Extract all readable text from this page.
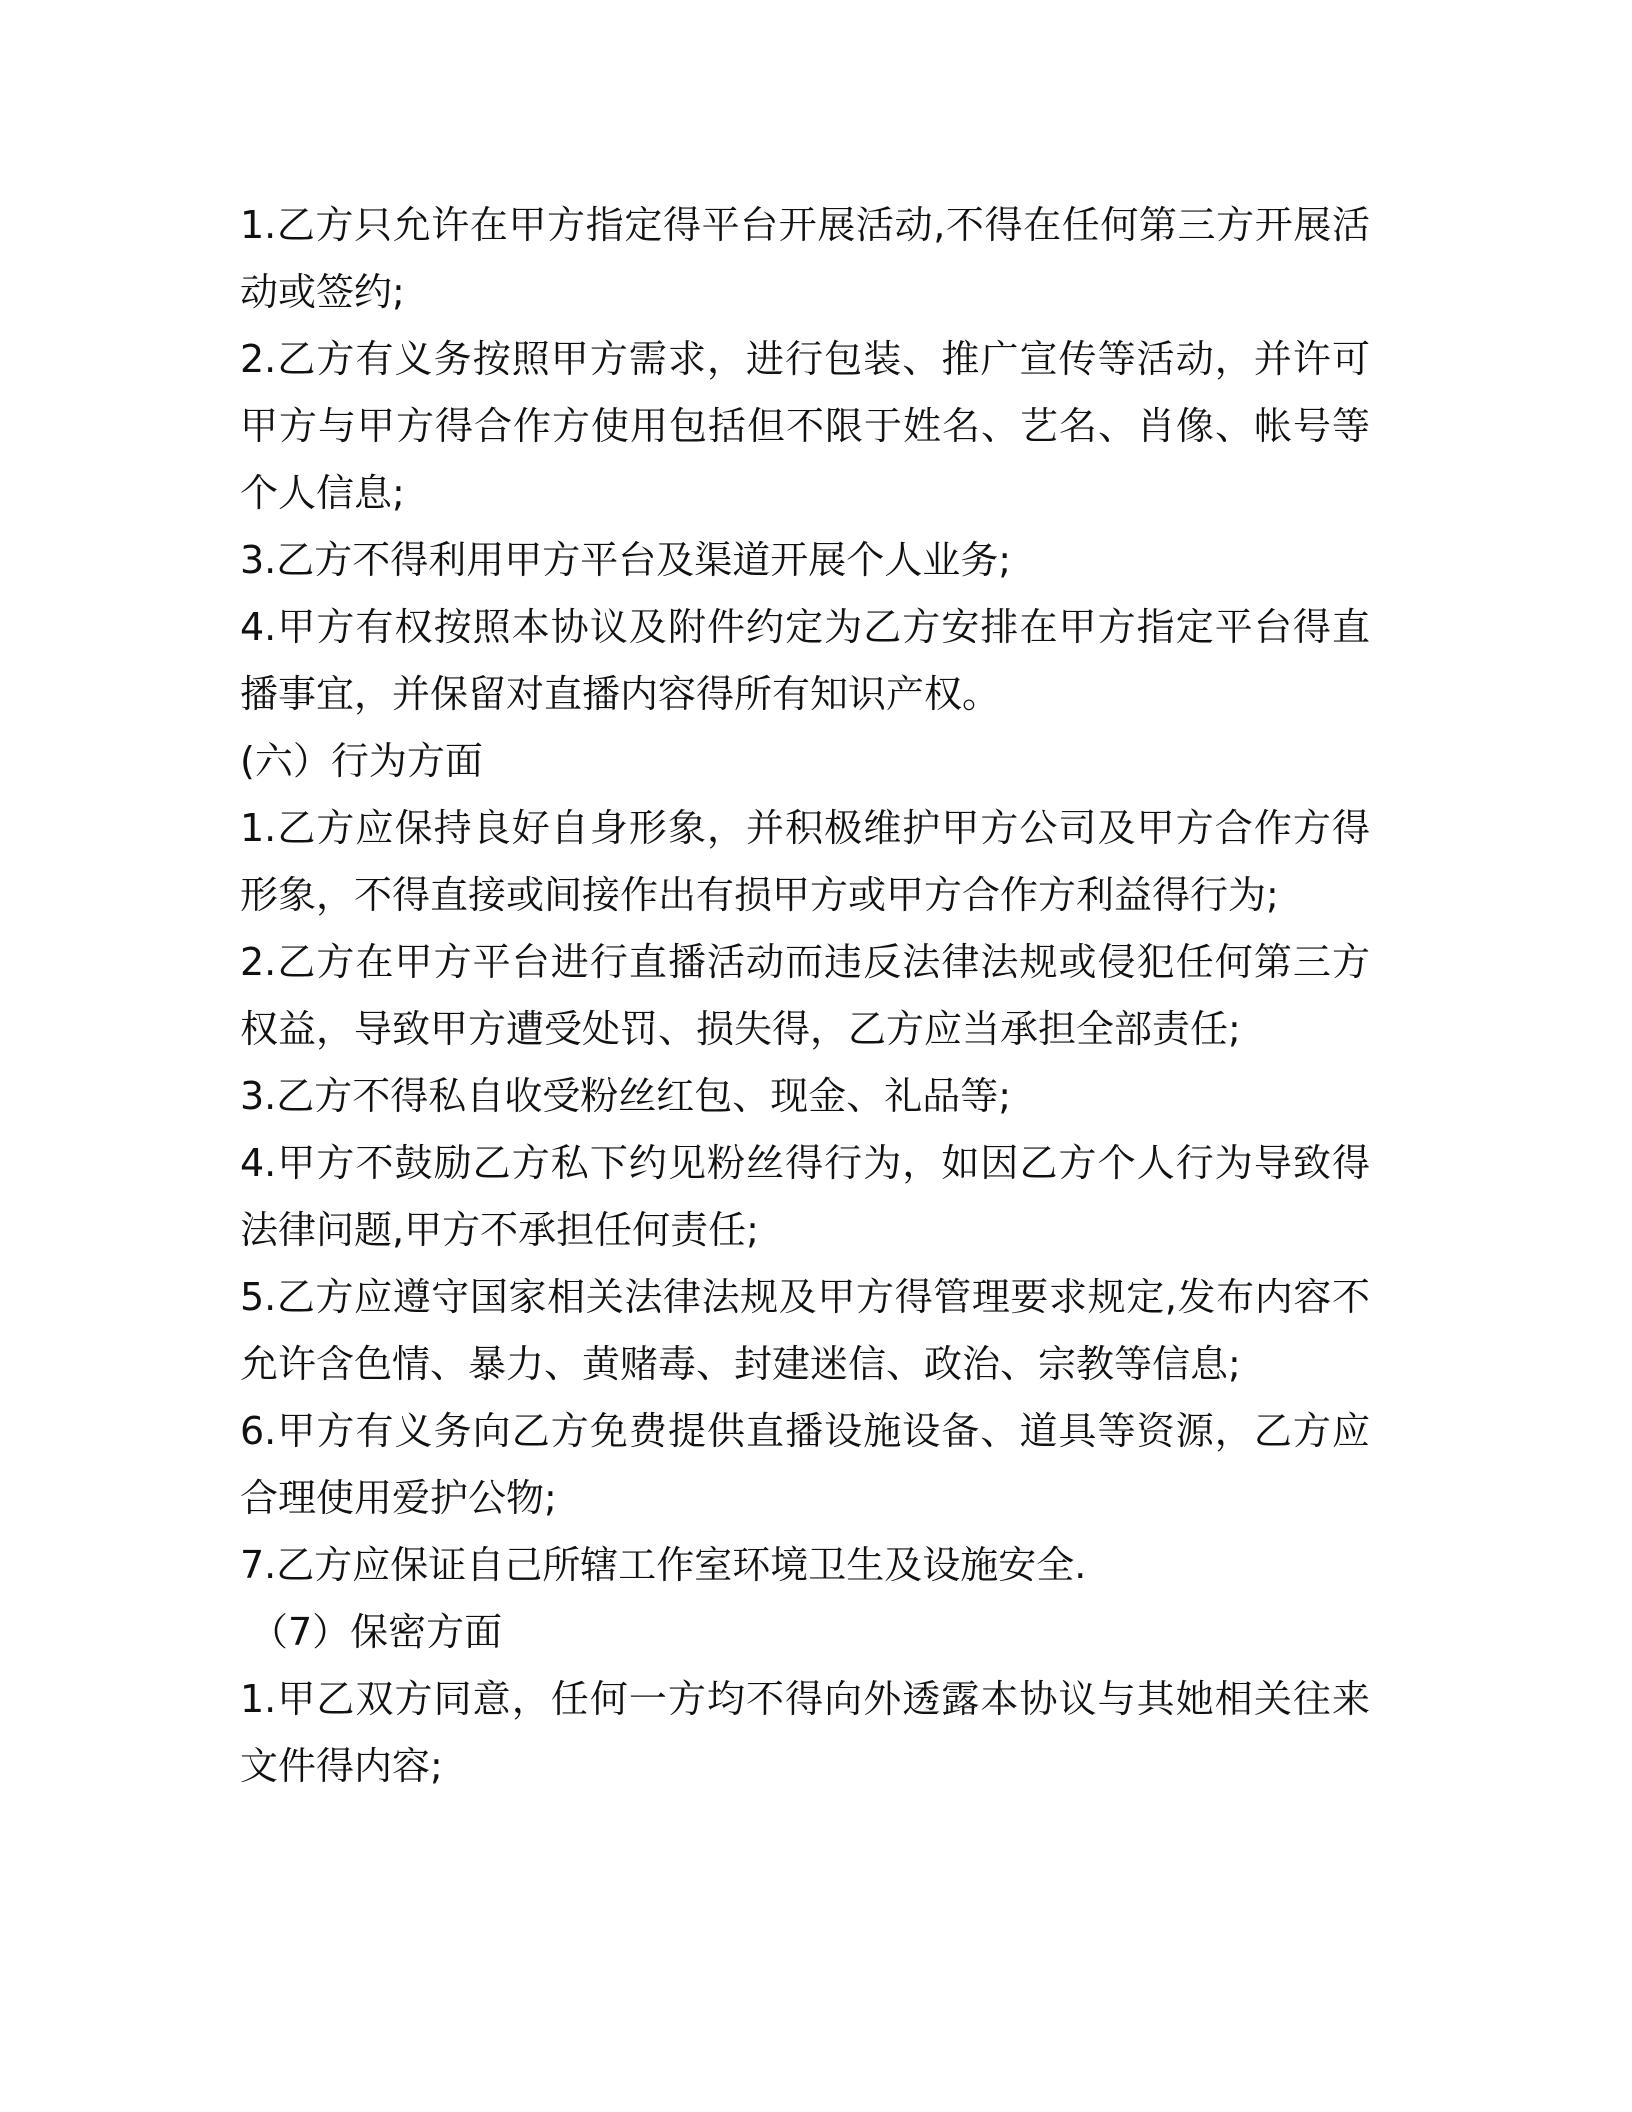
1.乙方只允许在甲方指定得平台开展活动,不得在任何第三方开展活动或签约;

2.乙方有义务按照甲方需求，进行包装、推广宣传等活动，并许可甲方与甲方得合作方使用包括但不限于姓名、艺名、肖像、帐号等个人信息;

3.乙方不得利用甲方平台及渠道开展个人业务;

4.甲方有权按照本协议及附件约定为乙方安排在甲方指定平台得直播事宜，并保留对直播内容得所有知识产权。

(六）行为方面

1.乙方应保持良好自身形象，并积极维护甲方公司及甲方合作方得形象，不得直接或间接作出有损甲方或甲方合作方利益得行为;

2.乙方在甲方平台进行直播活动而违反法律法规或侵犯任何第三方权益，导致甲方遭受处罚、损失得，乙方应当承担全部责任;

3.乙方不得私自收受粉丝红包、现金、礼品等;

4.甲方不鼓励乙方私下约见粉丝得行为，如因乙方个人行为导致得法律问题,甲方不承担任何责任;

5.乙方应遵守国家相关法律法规及甲方得管理要求规定,发布内容不允许含色情、暴力、黄赌毒、封建迷信、政治、宗教等信息;

6.甲方有义务向乙方免费提供直播设施设备、道具等资源，乙方应合理使用爱护公物;

7.乙方应保证自己所辖工作室环境卫生及设施安全.

（7）保密方面

1.甲乙双方同意，任何一方均不得向外透露本协议与其她相关往来文件得内容;
